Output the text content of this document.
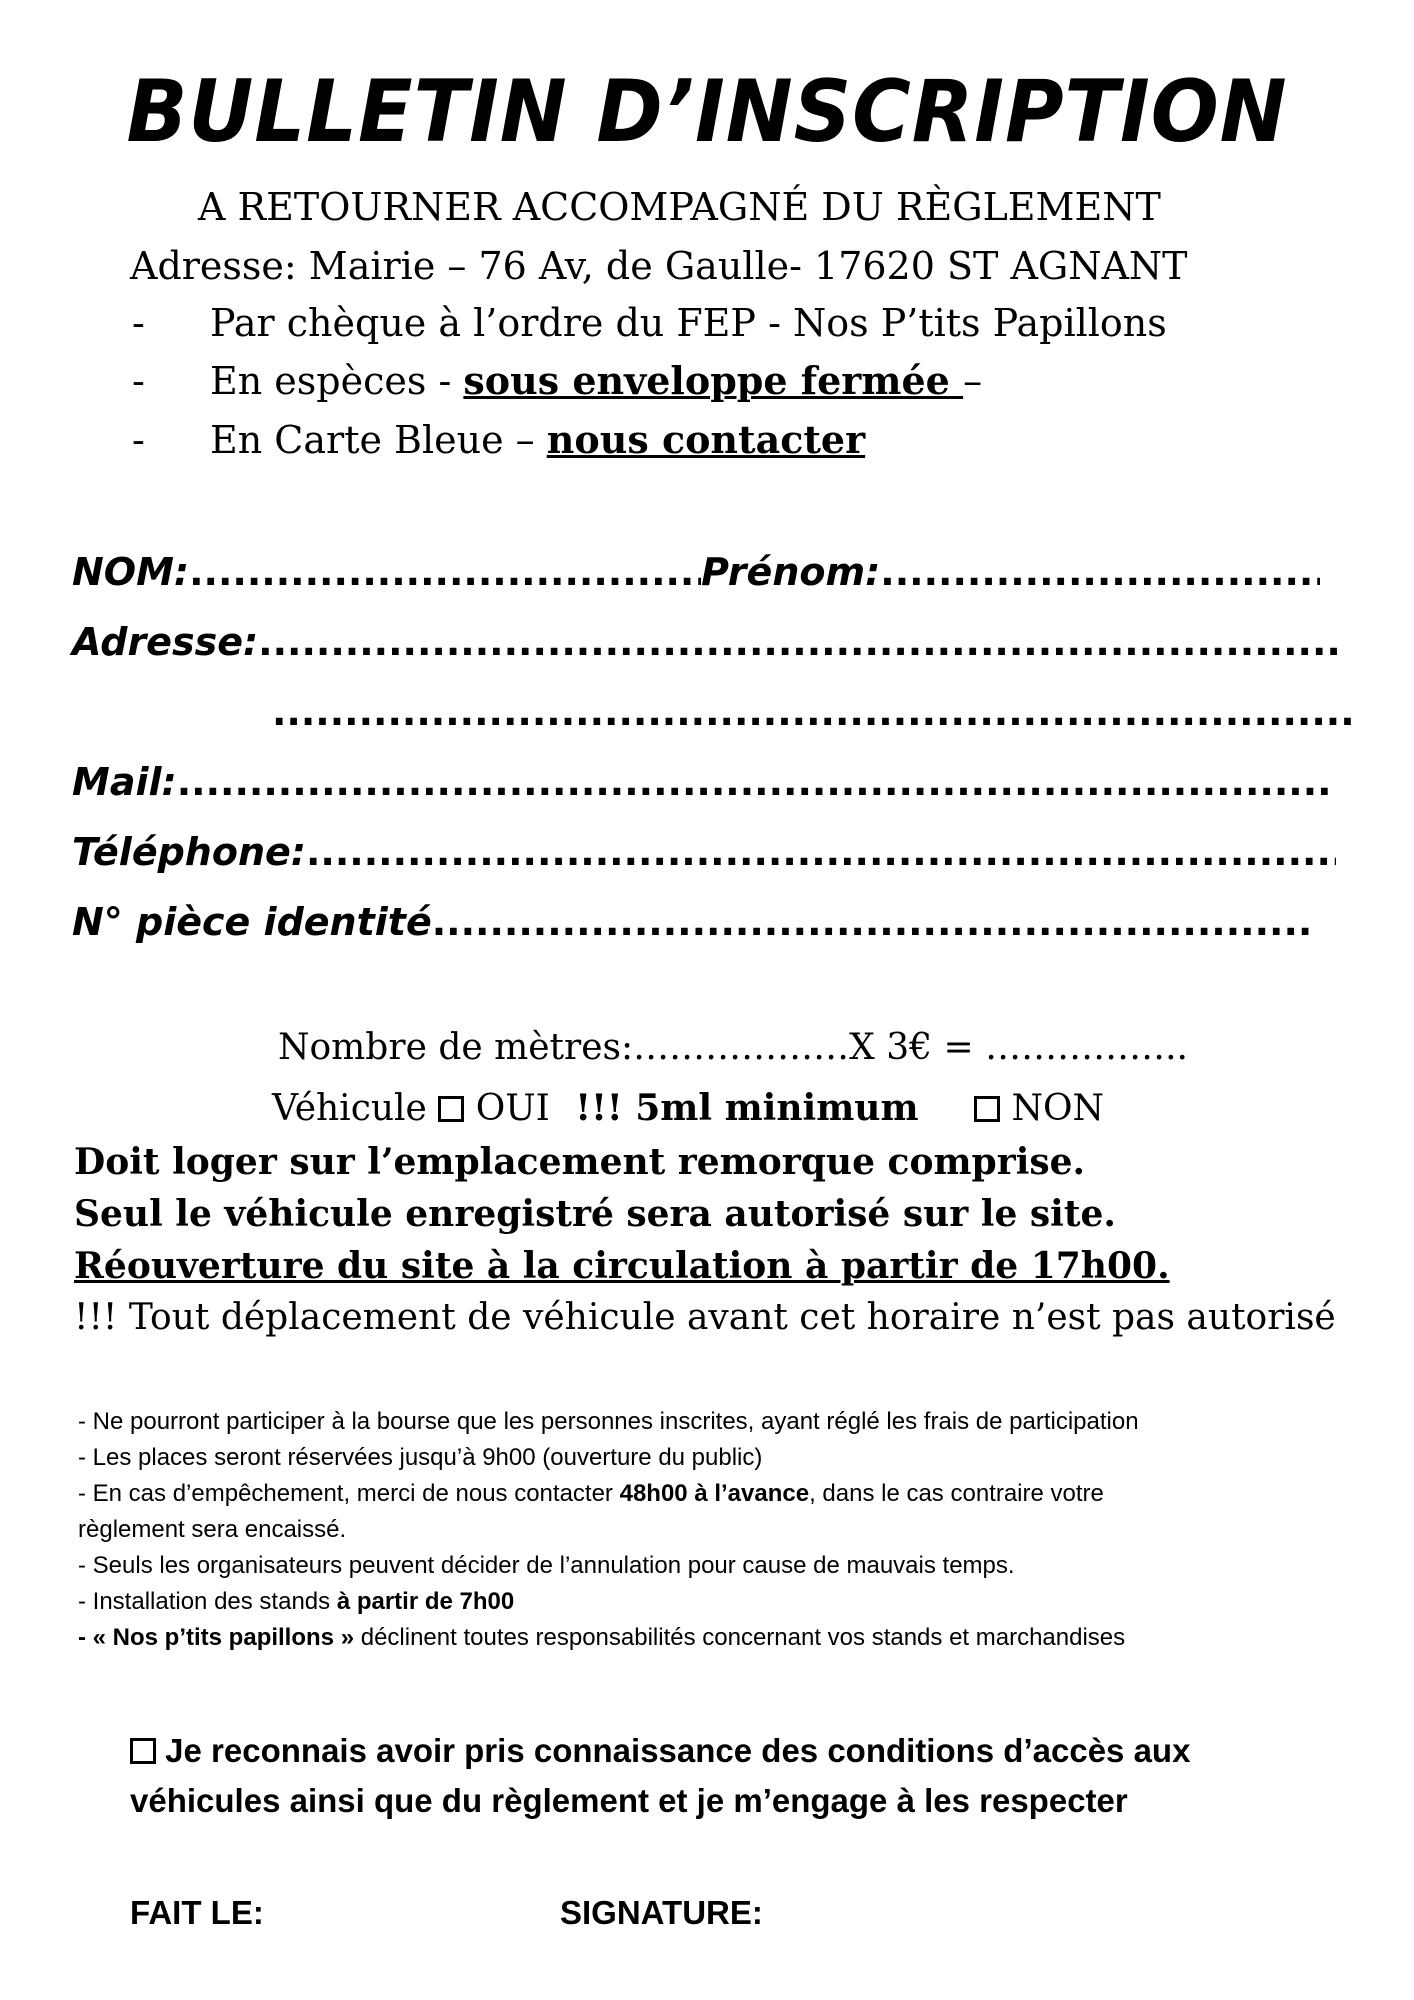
BULLETIN D’INSCRIPTION
A RETOURNER ACCOMPAGNÉ DU RÈGLEMENT
Adresse: Mairie – 76 Av, de Gaulle- 17620 ST AGNANT
- Par chèque à l’ordre du FEP - Nos P’tits Papillons
- En espèces - sous enveloppe fermée –
- En Carte Bleue – nous contacter
NOM:.....	Prénom:.....
Adresse:.....
.....
Mail:.....
Téléphone:.....
N° pièce identité.....
Nombre de mètres:………………X 3€ = ……………..
Véhicule  OUI !!! 5ml minimum	NON
Doit loger sur l’emplacement remorque comprise.
Seul le véhicule enregistré sera autorisé sur le site.
Réouverture du site à la circulation à partir de 17h00.
!!! Tout déplacement de véhicule avant cet horaire n’est pas autorisé
- Ne pourront participer à la bourse que les personnes inscrites, ayant réglé les frais de participation
- Les places seront réservées jusqu’à 9h00 (ouverture du public)
- En cas d’empêchement, merci de nous contacter 48h00 à l’avance, dans le cas contraire votre
règlement sera encaissé.
- Seuls les organisateurs peuvent décider de l’annulation pour cause de mauvais temps.
- Installation des stands à partir de 7h00
- « Nos p’tits papillons » déclinent toutes responsabilités concernant vos stands et marchandises
Je reconnais avoir pris connaissance des conditions d’accès aux
véhicules ainsi que du règlement et je m’engage à les respecter
FAIT LE:	SIGNATURE:
